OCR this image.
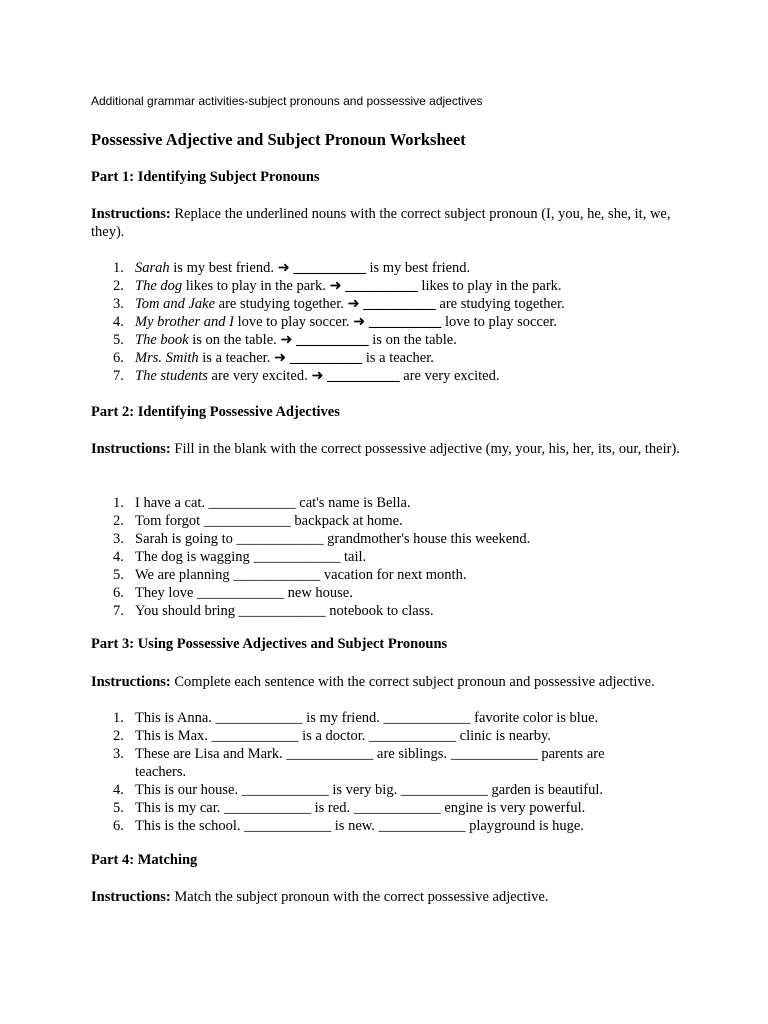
Additional grammar activities-subject pronouns and possessive adjectives
Possessive Adjective and Subject Pronoun Worksheet
Part 1: Identifying Subject Pronouns
Instructions: Replace the underlined nouns with the correct subject pronoun (I, you, he, she, it, we, they).
1. Sarah is my best friend. ➜ __________ is my best friend.
2. The dog likes to play in the park. ➜ __________ likes to play in the park.
3. Tom and Jake are studying together. ➜ __________ are studying together.
4. My brother and I love to play soccer. ➜ __________ love to play soccer.
5. The book is on the table. ➜ __________ is on the table.
6. Mrs. Smith is a teacher. ➜ __________ is a teacher.
7. The students are very excited. ➜ __________ are very excited.
Part 2: Identifying Possessive Adjectives
Instructions: Fill in the blank with the correct possessive adjective (my, your, his, her, its, our, their).
1. I have a cat. ____________ cat's name is Bella.
2. Tom forgot ____________ backpack at home.
3. Sarah is going to ____________ grandmother's house this weekend.
4. The dog is wagging ____________ tail.
5. We are planning ____________ vacation for next month.
6. They love ____________ new house.
7. You should bring ____________ notebook to class.
Part 3: Using Possessive Adjectives and Subject Pronouns
Instructions: Complete each sentence with the correct subject pronoun and possessive adjective.
1. This is Anna. ____________ is my friend. ____________ favorite color is blue.
2. This is Max. ____________ is a doctor. ____________ clinic is nearby.
3. These are Lisa and Mark. ____________ are siblings. ____________ parents are teachers.
4. This is our house. ____________ is very big. ____________ garden is beautiful.
5. This is my car. ____________ is red. ____________ engine is very powerful.
6. This is the school. ____________ is new. ____________ playground is huge.
Part 4: Matching
Instructions: Match the subject pronoun with the correct possessive adjective.
